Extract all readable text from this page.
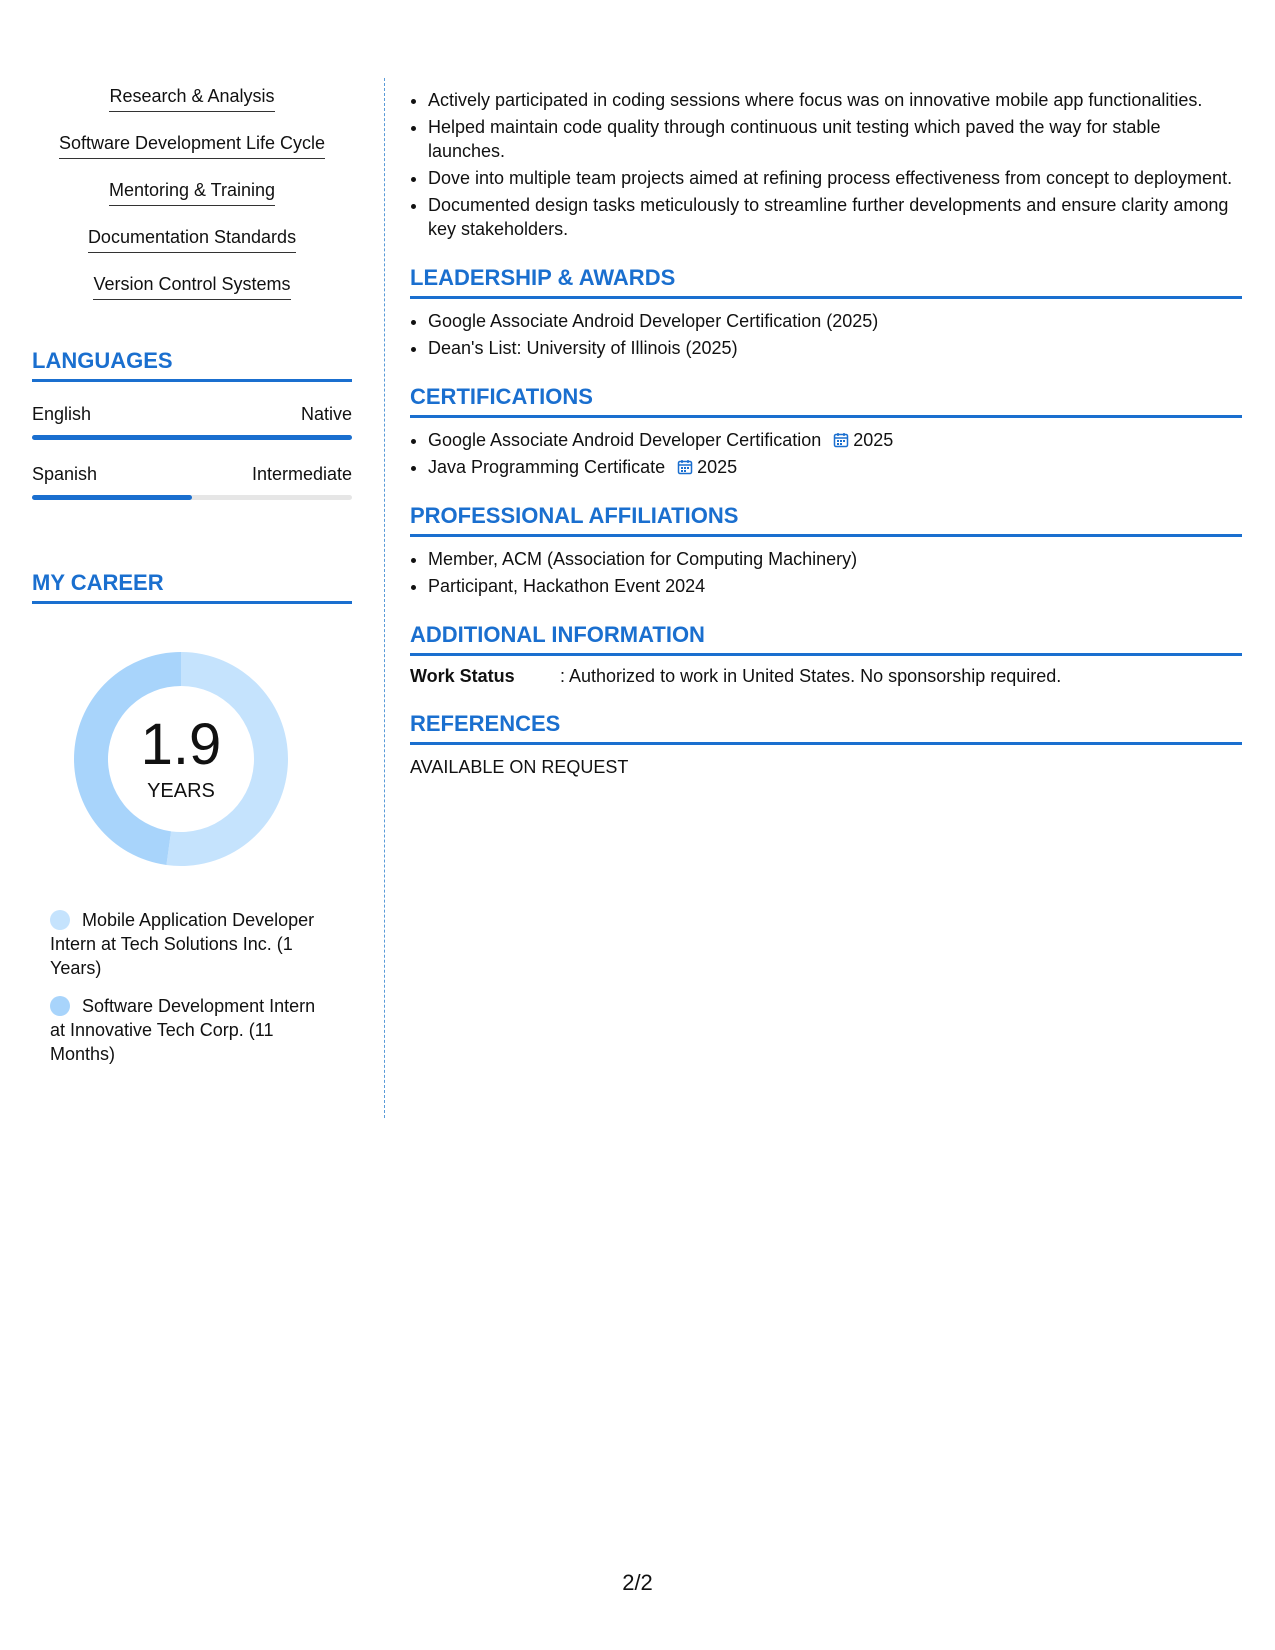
Research & Analysis
Software Development Life Cycle
Mentoring & Training
Documentation Standards
Version Control Systems
LANGUAGES
English	Native
Spanish	Intermediate
MY CAREER
1.9
YEARS
Mobile Application Developer Intern at Tech Solutions Inc. (1 Years)
Software Development Intern at Innovative Tech Corp. (11 Months)
• Actively participated in coding sessions where focus was on innovative mobile app functionalities.
• Helped maintain code quality through continuous unit testing which paved the way for stable launches.
• Dove into multiple team projects aimed at refining process effectiveness from concept to deployment.
• Documented design tasks meticulously to streamline further developments and ensure clarity among key stakeholders.
LEADERSHIP & AWARDS
• Google Associate Android Developer Certification (2025)
• Dean's List: University of Illinois (2025)
CERTIFICATIONS
• Google Associate Android Developer Certification 2025
• Java Programming Certificate 2025
PROFESSIONAL AFFILIATIONS
• Member, ACM (Association for Computing Machinery)
• Participant, Hackathon Event 2024
ADDITIONAL INFORMATION
Work Status	: Authorized to work in United States. No sponsorship required.
REFERENCES
AVAILABLE ON REQUEST
2/2
